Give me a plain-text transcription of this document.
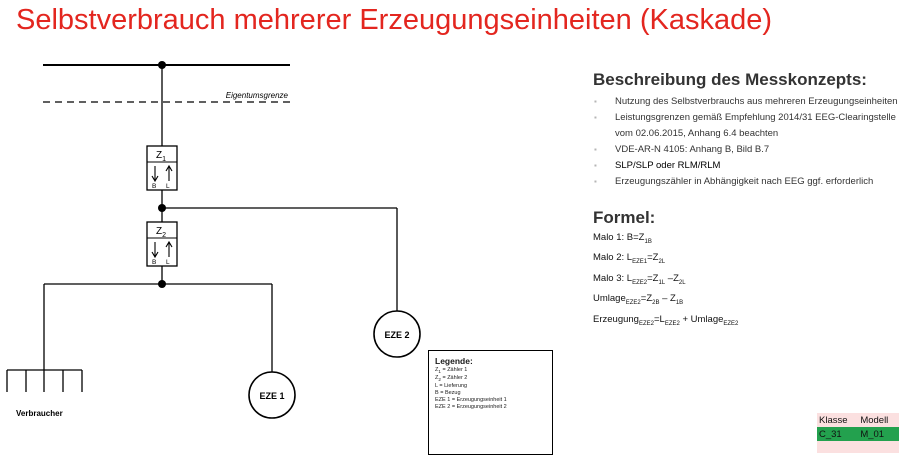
Selbstverbrauch mehrerer Erzeugungseinheiten (Kaskade)
Eigentumsgrenze
$Z_1$
B L
$Z_2$
B L
Verbraucher
EZE 1
EZE 2
Legende:
$Z_1$ = Zähler 1
$Z_2$ = Zähler 2
L = Lieferung
B = Bezug
EZE 1 = Erzeugungseinheit 1
EZE 2 = Erzeugungseinheit 2
Beschreibung des Messkonzepts:
▪ Nutzung des Selbstverbrauchs aus mehreren Erzeugungseinheiten
▪ Leistungsgrenzen gemäß Empfehlung 2014/31 EEG-Clearingstelle vom 02.06.2015, Anhang 6.4 beachten
▪ VDE-AR-N 4105: Anhang B, Bild B.7
▪ SLP/SLP oder RLM/RLM
▪ Erzeugungszähler in Abhängigkeit nach EEG ggf. erforderlich
Formel:
Malo 1: $B=Z_{1B}$
Malo 2: $L_{EZE1}=Z_{2L}$
Malo 3: $L_{EZE2}=Z_{1L}$ $-Z_{2L}$
$Umlage_{EZE2}=Z_{2B} - Z_{1B}$
$Erzeugung_{EZE2}=L_{EZE2}$ + Umlage$_{EZE2}$
Klasse	Modell
C_31	M_01
